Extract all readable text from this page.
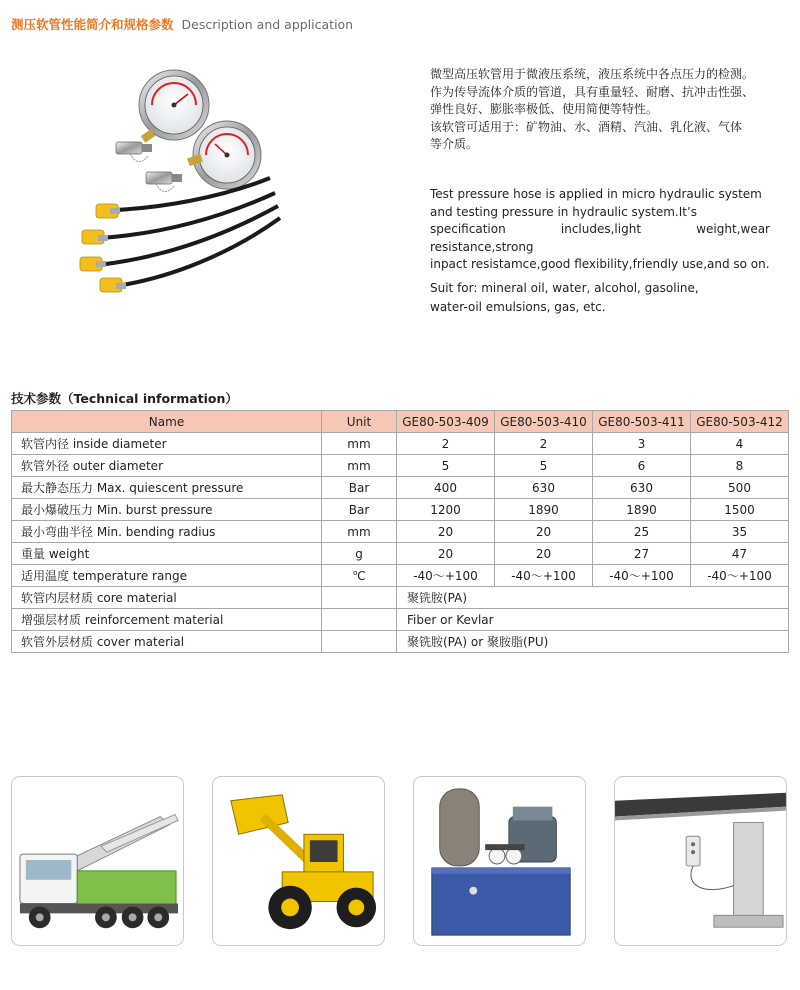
测压软管性能简介和规格参数 Description and application

微型高压软管用于微液压系统，液压系统中各点压力的检测。

作为传导流体介质的管道，具有重量轻、耐磨、抗冲击性强、

弹性良好、膨胀率极低、使用简便等特性。

该软管可适用于：矿物油、水、酒精、汽油、乳化液、气体

等介质。

Test pressure hose is applied in micro hydraulic system

and testing pressure in hydraulic system.It’s

specification includes,light weight,wear resistance,strong

inpact resistamce,good flexibility,friendly use,and so on.

Suit for: mineral oil, water, alcohol, gasoline,

water-oil emulsions, gas, etc.

技术参数（Technical information）
Name	Unit	GE80-503-409	GE80-503-410	GE80-503-411	GE80-503-412
软管内径 inside diameter	mm	2	2	3	4
软管外径 outer diameter	mm	5	5	6	8
最大静态压力 Max. quiescent pressure	Bar	400	630	630	500
最小爆破压力 Min. burst pressure	Bar	1200	1890	1890	1500
最小弯曲半径 Min. bending radius	mm	20	20	25	35
重量 weight	g	20	20	27	47
适用温度 temperature range	℃	-40～+100	-40～+100	-40～+100	-40～+100
软管内层材质 core material		聚铣胺(PA)			
增强层材质 reinforcement material		Fiber or Kevlar			
软管外层材质 cover material		聚铣胺(PA) or 聚胺脂(PU)			
